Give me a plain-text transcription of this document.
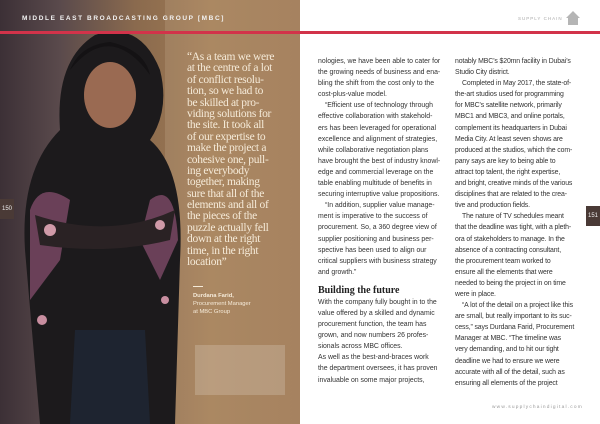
MIDDLE EAST BROADCASTING GROUP [MBC]
“As a team we were
at the centre of a lot
of conflict resolu-
tion, so we had to
be skilled at pro-
viding solutions for
the site. It took all
of our expertise to
make the project a
cohesive one, pull-
ing everybody
together, making
sure that all of the
elements and all of
the pieces of the
puzzle actually fell
down at the right
time, in the right
location”
Durdana Farid,
Procurement Manager
at MBC Group
150
SUPPLY CHAIN
nologies, we have been able to cater for
the growing needs of business and ena-
bling the shift from the cost only to the
cost-plus-value model.
“Efficient use of technology through
effective collaboration with stakehold-
ers has been leveraged for operational
excellence and alignment of strategies,
while collaborative negotiation plans
have brought the best of industry knowl-
edge and commercial leverage on the
table enabling multitude of benefits in
securing interruptive value propositions.
“In addition, supplier value manage-
ment is imperative to the success of
procurement. So, a 360 degree view of
supplier positioning and business per-
spective has been used to align our
critical suppliers with business strategy
and growth.”
Building the future
With the company fully bought in to the
value offered by a skilled and dynamic
procurement function, the team has
grown, and now numbers 26 profes-
sionals across MBC offices.
As well as the best-and-braces work
the department oversees, it has proven
invaluable on some major projects,
notably MBC’s $20mn facility in Dubai’s
Studio City district.
Completed in May 2017, the state-of-
the-art studios used for programming
for MBC’s satellite network, primarily
MBC1 and MBC3, and online portals,
complement its headquarters in Dubai
Media City. At least seven shows are
produced at the studios, which the com-
pany says are key to being able to
attract top talent, the right expertise,
and bright, creative minds of the various
disciplines that are related to the crea-
tive and production fields.
The nature of TV schedules meant
that the deadline was tight, with a pleth-
ora of stakeholders to manage. In the
absence of a contracting consultant,
the procurement team worked to
ensure all the elements that were
needed to being the project in on time
were in place.
“A lot of the detail on a project like this
are small, but really important to its suc-
cess,” says Durdana Farid, Procurement
Manager at MBC. “The timeline was
very demanding, and to hit our tight
deadline we had to ensure we were
accurate with all of the detail, such as
ensuring all elements of the project
151
www.supplychaindigital.com
